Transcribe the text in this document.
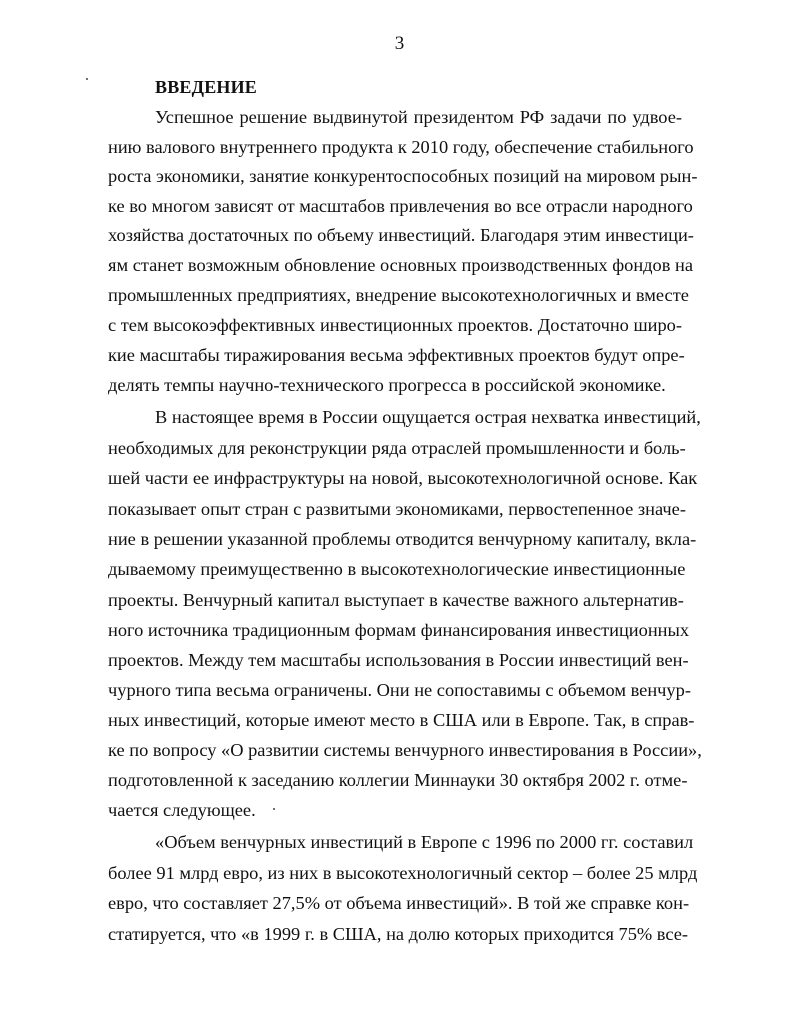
3
ВВЕДЕНИЕ
Успешное решение выдвинутой президентом РФ задачи по удвое-
нию валового внутреннего продукта к 2010 году, обеспечение стабильного
роста экономики, занятие конкурентоспособных позиций на мировом рын-
ке во многом зависят от масштабов привлечения во все отрасли народного
хозяйства достаточных по объему инвестиций. Благодаря этим инвестици-
ям станет возможным обновление основных производственных фондов на
промышленных предприятиях, внедрение высокотехнологичных и вместе
с тем высокоэффективных инвестиционных проектов. Достаточно широ-
кие масштабы тиражирования весьма эффективных проектов будут опре-
делять темпы научно-технического прогресса в российской экономике.
В настоящее время в России ощущается острая нехватка инвестиций,
необходимых для реконструкции ряда отраслей промышленности и боль-
шей части ее инфраструктуры на новой, высокотехнологичной основе. Как
показывает опыт стран с развитыми экономиками, первостепенное значе-
ние в решении указанной проблемы отводится венчурному капиталу, вкла-
дываемому преимущественно в высокотехнологические инвестиционные
проекты. Венчурный капитал выступает в качестве важного альтернатив-
ного источника традиционным формам финансирования инвестиционных
проектов. Между тем масштабы использования в России инвестиций вен-
чурного типа весьма ограничены. Они не сопоставимы с объемом венчур-
ных инвестиций, которые имеют место в США или в Европе. Так, в справ-
ке по вопросу «О развитии системы венчурного инвестирования в России»,
подготовленной к заседанию коллегии Миннауки 30 октября 2002 г. отме-
чается следующее.
«Объем венчурных инвестиций в Европе с 1996 по 2000 гг. составил
более 91 млрд евро, из них в высокотехнологичный сектор – более 25 млрд
евро, что составляет 27,5% от объема инвестиций». В той же справке кон-
статируется, что «в 1999 г. в США, на долю которых приходится 75% все-
